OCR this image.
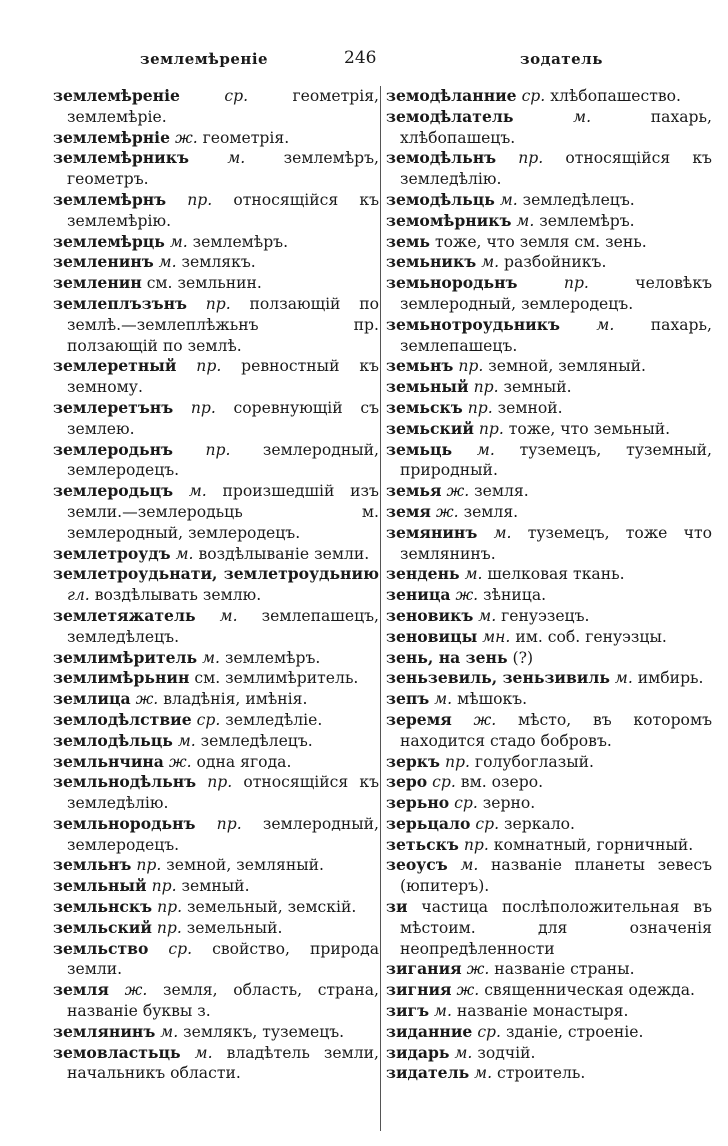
землемѣреніе	246	зодатель
землемѣреніе	ср. геометрія, землемѣріе.
землемѣрніе ж. геометрія.
землемѣрникъ м. землемѣръ, геометръ.
землемѣрнъ пр. относящійся къ землемѣрію.
землемѣрць м. землемѣръ.
земленинъ м. землякъ.
земленин см. земльнин.
землеплъзънъ пр. ползающій по землѣ.—землеплѣжьнъ пр. ползающій по землѣ.
землеретный пр. ревностный къ земному.
землеретънъ пр. соревнующій съ землею.
землеродьнъ пр. землеродный, землеродецъ.
землеродьцъ м. произшедшій изъ земли.—землеродьць м. землеродный, землеродецъ.
землетроудъ м. воздѣлываніе земли.
землетроудьнати, землетроудьнию гл. воздѣлывать землю.
землетяжатель м. землепашецъ, земледѣлецъ.
землимѣритель м. землемѣръ.
землимѣрьнин см. землимѣритель.
землица ж. владѣнія, имѣнія.
землодѣлствие ср. земледѣліе.
землодѣльць м. земледѣлецъ.
земльнчина ж. одна ягода.
земльнодѣльнъ пр. относящійся къ земледѣлію.
земльнородьнъ пр. землеродный, землеродецъ.
земльнъ пр. земной, земляный.
земльный пр. земный.
земльнскъ пр. земельный, земскій.
земльский пр. земельный.
земльство ср. свойство, природа земли.
земля ж. земля, область, страна, названіе буквы з.
землянинъ м. землякъ, туземецъ.
земовластьць м. владѣтель земли, начальникъ области.
земодѣланние ср. хлѣбопашество.
земодѣлатель	м. пахарь, хлѣбопашецъ.
земодѣльнъ пр. относящійся къ земледѣлію.
земодѣльць м. земледѣлецъ.
земомѣрникъ м. землемѣръ.
земь тоже, что земля см. зень.
земьникъ м. разбойникъ.
земьнородьнъ	пр. человѣкъ землеродный, землеродецъ.
земьнотроудьникъ м. пахарь, землепашецъ.
земьнъ пр. земной, земляный.
земьный пр. земный.
земьскъ пр. земной.
земьский пр. тоже, что земьный.
земьць м. туземецъ, туземный, природный.
земья ж. земля.
земя ж. земля.
земянинъ м. туземецъ, тоже что землянинъ.
зендень м. шелковая ткань.
зеница ж. зѣница.
зеновикъ м. генуэзецъ.
зеновицы мн. им. соб. генуэзцы.
зень, на зень (?)
зеньзевиль, зеньзивиль м. имбирь.
зепъ м. мѣшокъ.
зеремя ж. мѣсто, въ которомъ находится стадо бобровъ.
зеркъ пр. голубоглазый.
зеро ср. вм. озеро.
зерьно ср. зерно.
зерьцало ср. зеркало.
зетьскъ пр. комнатный, горничный.
зеоусъ м. названіе планеты зевесъ (юпитеръ).
зи частица послѣположительная въ мѣстоим. для означенія неопредѣленности
зигания ж. названіе страны.
зигния ж. священническая одежда.
зигъ м. названіе монастыря.
зиданние ср. зданіе, строеніе.
зидарь м. зодчій.
зидатель м. строитель.
